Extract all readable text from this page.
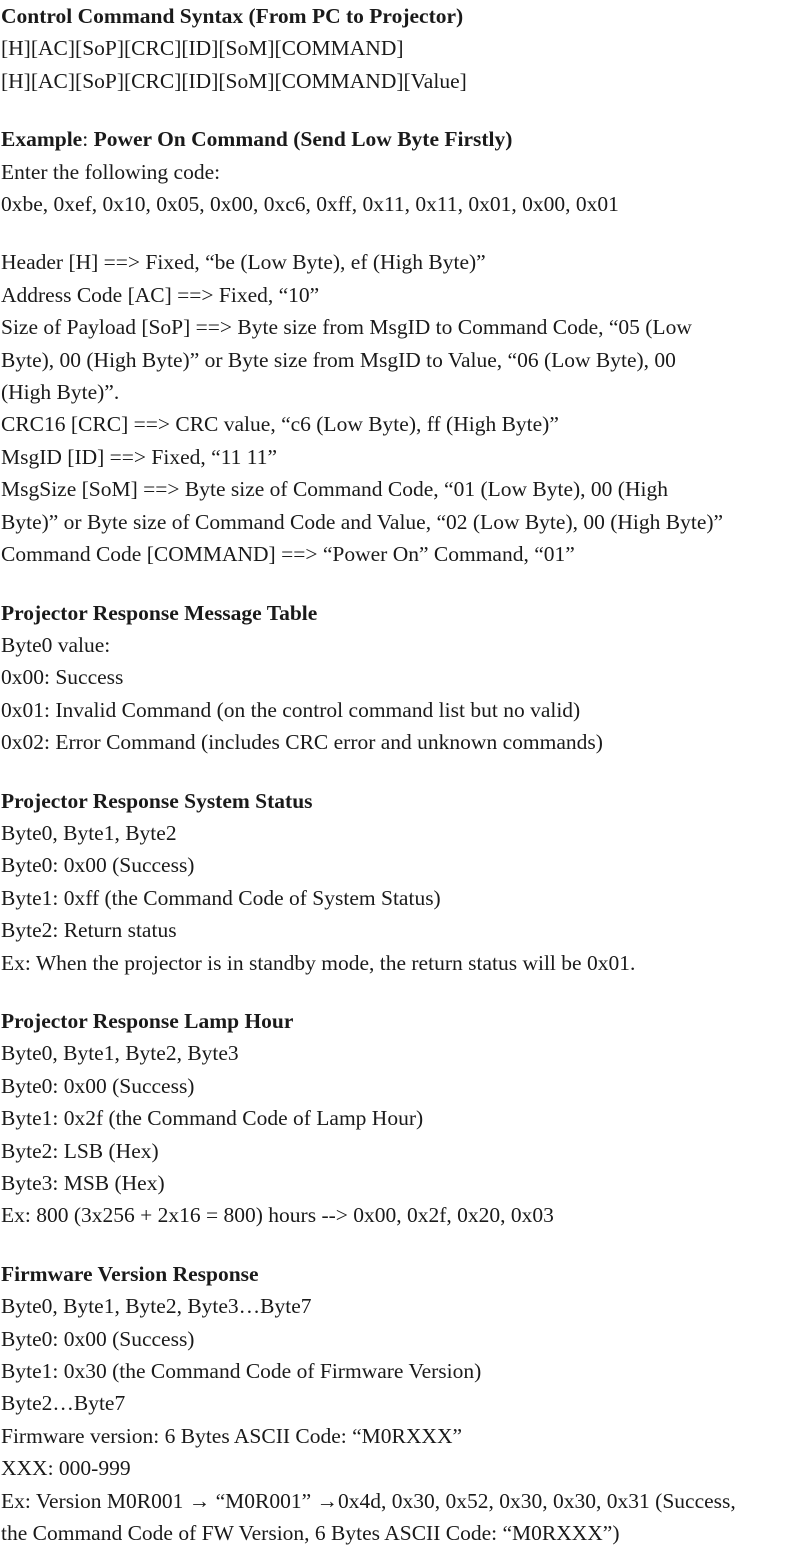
Control Command Syntax (From PC to Projector)

[H][AC][SoP][CRC][ID][SoM][COMMAND]

[H][AC][SoP][CRC][ID][SoM][COMMAND][Value]

Example: Power On Command (Send Low Byte Firstly)

Enter the following code:

0xbe, 0xef, 0x10, 0x05, 0x00, 0xc6, 0xff, 0x11, 0x11, 0x01, 0x00, 0x01

Header [H] ==> Fixed, “be (Low Byte), ef (High Byte)”

Address Code [AC] ==> Fixed, “10”

Size of Payload [SoP] ==> Byte size from MsgID to Command Code, “05 (Low

Byte), 00 (High Byte)” or Byte size from MsgID to Value, “06 (Low Byte), 00

(High Byte)”.

CRC16 [CRC] ==> CRC value, “c6 (Low Byte), ff (High Byte)”

MsgID [ID] ==> Fixed, “11 11”

MsgSize [SoM] ==> Byte size of Command Code, “01 (Low Byte), 00 (High

Byte)” or Byte size of Command Code and Value, “02 (Low Byte), 00 (High Byte)”

Command Code [COMMAND] ==> “Power On” Command, “01”

Projector Response Message Table

Byte0 value:

0x00: Success

0x01: Invalid Command (on the control command list but no valid)

0x02: Error Command (includes CRC error and unknown commands)

Projector Response System Status

Byte0, Byte1, Byte2

Byte0: 0x00 (Success)

Byte1: 0xff (the Command Code of System Status)

Byte2: Return status

Ex: When the projector is in standby mode, the return status will be 0x01.

Projector Response Lamp Hour

Byte0, Byte1, Byte2, Byte3

Byte0: 0x00 (Success)

Byte1: 0x2f (the Command Code of Lamp Hour)

Byte2: LSB (Hex)

Byte3: MSB (Hex)

Ex: 800 (3x256 + 2x16 = 800) hours --> 0x00, 0x2f, 0x20, 0x03

Firmware Version Response

Byte0, Byte1, Byte2, Byte3…Byte7

Byte0: 0x00 (Success)

Byte1: 0x30 (the Command Code of Firmware Version)

Byte2…Byte7

Firmware version: 6 Bytes ASCII Code: “M0RXXX”

XXX: 000-999

Ex: Version M0R001 → “M0R001” →0x4d, 0x30, 0x52, 0x30, 0x30, 0x31 (Success,

the Command Code of FW Version, 6 Bytes ASCII Code: “M0RXXX”)
